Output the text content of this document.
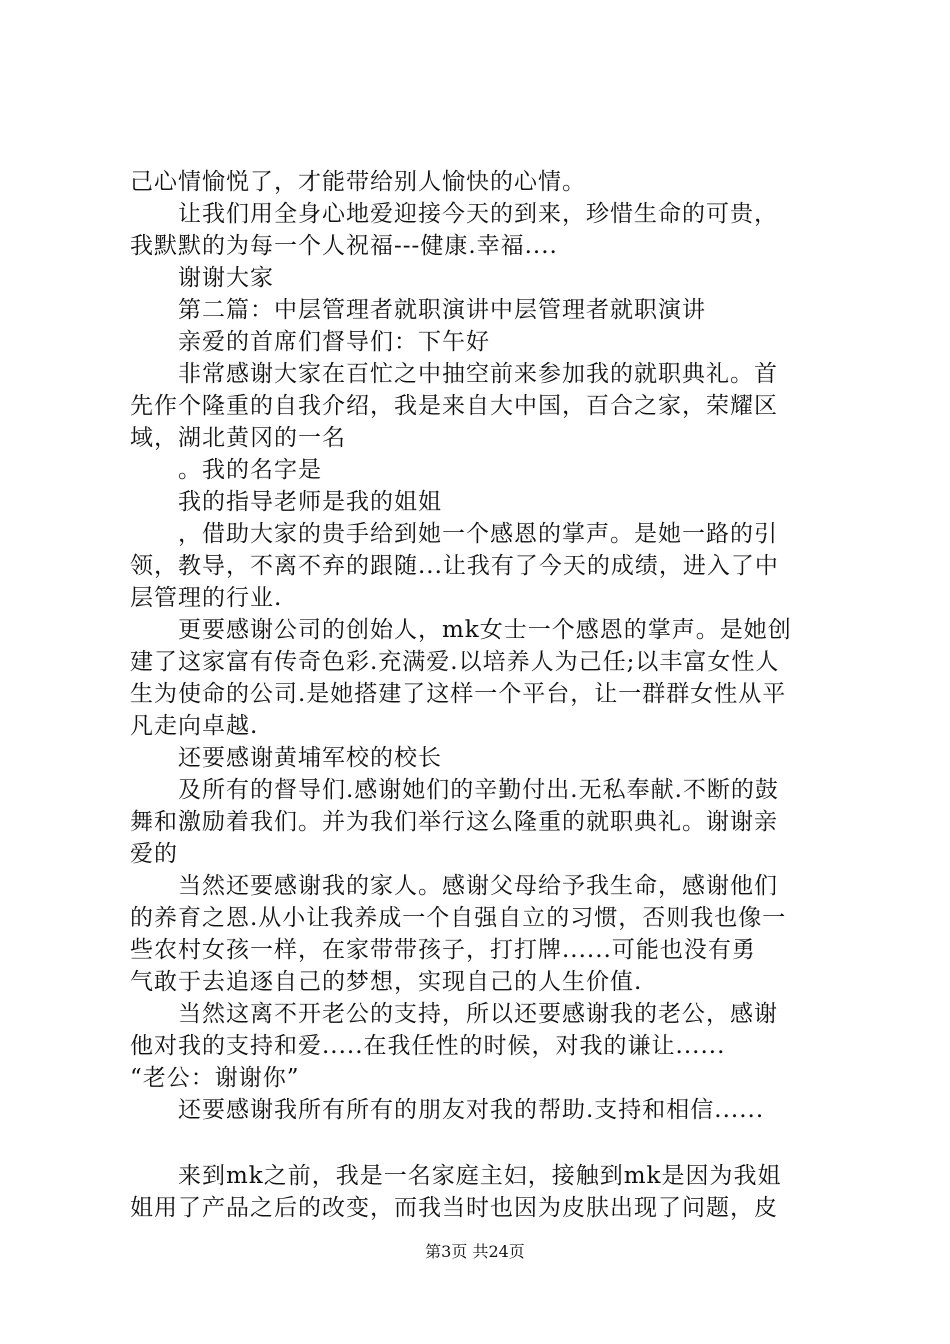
己心情愉悦了，才能带给别人愉快的心情。
让我们用全身心地爱迎接今天的到来，珍惜生命的可贵，
我默默的为每一个人祝福---健康.幸福....
谢谢大家
第二篇：中层管理者就职演讲中层管理者就职演讲
亲爱的首席们督导们：下午好
非常感谢大家在百忙之中抽空前来参加我的就职典礼。首
先作个隆重的自我介绍，我是来自大中国，百合之家，荣耀区
域，湖北黄冈的一名
。我的名字是
我的指导老师是我的姐姐
，借助大家的贵手给到她一个感恩的掌声。是她一路的引
领，教导，不离不弃的跟随...让我有了今天的成绩，进入了中
层管理的行业.
更要感谢公司的创始人，mk女士一个感恩的掌声。是她创
建了这家富有传奇色彩.充满爱.以培养人为己任;以丰富女性人
生为使命的公司.是她搭建了这样一个平台，让一群群女性从平
凡走向卓越.
还要感谢黄埔军校的校长
及所有的督导们.感谢她们的辛勤付出.无私奉献.不断的鼓
舞和激励着我们。并为我们举行这么隆重的就职典礼。谢谢亲
爱的
当然还要感谢我的家人。感谢父母给予我生命，感谢他们
的养育之恩.从小让我养成一个自强自立的习惯，否则我也像一
些农村女孩一样，在家带带孩子，打打牌......可能也没有勇
气敢于去追逐自己的梦想，实现自己的人生价值.
当然这离不开老公的支持，所以还要感谢我的老公，感谢
他对我的支持和爱.....在我任性的时候，对我的谦让......
“老公：谢谢你”
还要感谢我所有所有的朋友对我的帮助.支持和相信......
来到mk之前，我是一名家庭主妇，接触到mk是因为我姐
姐用了产品之后的改变，而我当时也因为皮肤出现了问题，皮
第3页 共24页
